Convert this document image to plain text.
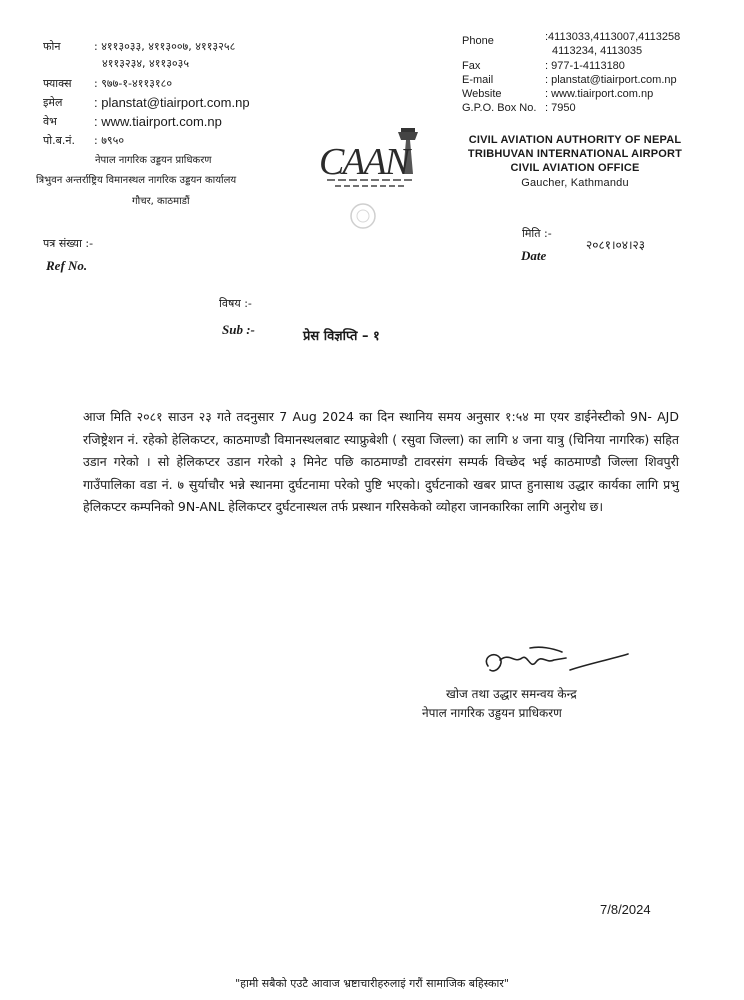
फोन	: ४११३०३३, ४११३००७, ४११३२५८
४११३२३४, ४११३०३५
फ्याक्स	: ९७७-१-४११३१८०
इमेल	: planstat@tiairport.com.np
वेभ	: www.tiairport.com.np
पो.ब.नं.	: ७९५०
नेपाल नागरिक उड्डयन प्राधिकरण
त्रिभुवन अन्तर्राष्ट्रिय विमानस्थल नागरिक उड्डयन कार्यालय
गौचर, काठमाडौं
CAAN
Phone	:4113033,4113007,4113258
4113234, 4113035
Fax	: 977-1-4113180
E-mail	: planstat@tiairport.com.np
Website	: www.tiairport.com.np
G.P.O. Box No. : 7950
CIVIL AVIATION AUTHORITY OF NEPAL
TRIBHUVAN INTERNATIONAL AIRPORT
CIVIL AVIATION OFFICE
Gaucher, Kathmandu
पत्र संख्या :-
Ref No.
मिति :-
Date
२०८१।०४।२३
विषय :-
Sub :-	प्रेस विज्ञप्ति – १
आज मिति २०८१ साउन २३ गते तदनुसार 7 Aug 2024 का दिन स्थानिय समय अनुसार १:५४ मा एयर डाईनेस्टीको 9N- AJD रजिष्ट्रेशन नं. रहेको हेलिकप्टर, काठमाण्डौ विमानस्थलबाट स्याफ्रुबेशी ( रसुवा जिल्ला) का लागि ४ जना यात्रु (चिनिया नागरिक) सहित उडान गरेको । सो हेलिकप्टर उडान गरेको ३ मिनेट पछि काठमाण्डौ टावरसंग सम्पर्क विच्छेद भई काठमाण्डौ जिल्ला शिवपुरी गाउँपालिका वडा नं. ७ सुर्याचौर भन्ने स्थानमा दुर्घटनामा परेको पुष्टि भएको। दुर्घटनाको खबर प्राप्त हुनासाथ उद्धार कार्यका लागि प्रभु हेलिकप्टर कम्पनिको 9N-ANL हेलिकप्टर दुर्घटनास्थल तर्फ प्रस्थान गरिसकेको व्योहरा जानकारिका लागि अनुरोध छ।
खोज तथा उद्धार समन्वय केन्द्र
नेपाल नागरिक उड्डयन प्राधिकरण
7/8/2024
"हामी सबैको एउटै आवाज भ्रष्टाचारीहरुलाइं गरौं सामाजिक बहिस्कार"
